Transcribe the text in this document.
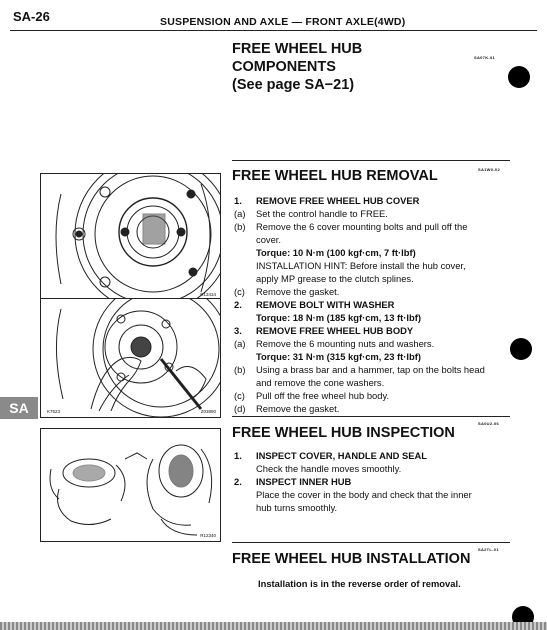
SA-26	SUSPENSION AND AXLE — FRONT AXLE(4WD)
FREE WHEEL HUB
COMPONENTS
(See page SA−21)
SA07K-01
SA1W0-02
FREE WHEEL HUB REMOVAL
1. REMOVE FREE WHEEL HUB COVER
(a) Set the control handle to FREE.
(b) Remove the 6 cover mounting bolts and pull off the
cover.
Torque: 10 N·m (100 kgf·cm, 7 ft·lbf)
INSTALLATION HINT: Before install the hub cover,
apply MP grease to the clutch splines.
(c) Remove the gasket.
2. REMOVE BOLT WITH WASHER
Torque: 18 N·m (185 kgf·cm, 13 ft·lbf)
3. REMOVE FREE WHEEL HUB BODY
(a) Remove the 6 mounting nuts and washers.
Torque: 31 N·m (315 kgf·cm, 23 ft·lbf)
(b) Using a brass bar and a hammer, tap on the bolts head
and remove the cone washers.
(c) Pull off the free wheel hub body.
(d) Remove the gasket.
SA
SA0U2-06
FREE WHEEL HUB INSPECTION
1. INSPECT COVER, HANDLE AND SEAL
Check the handle moves smoothly.
2. INSPECT INNER HUB
Place the cover in the body and check that the inner
hub turns smoothly.
SA2TL-01
FREE WHEEL HUB INSTALLATION
Installation is in the reverse order of removal.
R13434
K7523	Z03890
R12340
